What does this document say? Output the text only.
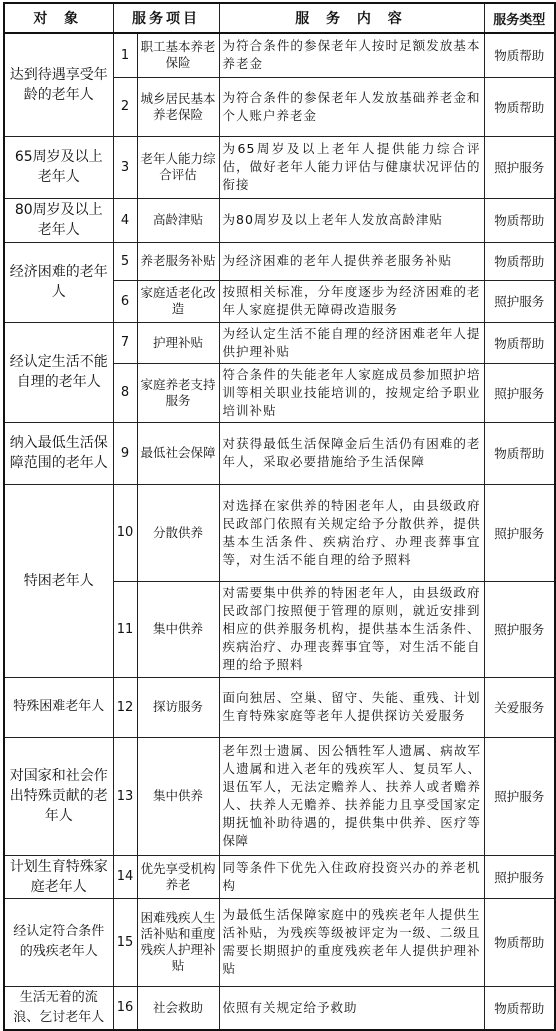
对 象	服务项目		服 务 内 容	服务类型
达到待遇享受年龄的老年人	1	职工基本养老保险	为符合条件的参保老年人按时足额发放基本养老金	物质帮助
	2	城乡居民基本养老保险	为符合条件的参保老年人发放基础养老金和个人账户养老金	物质帮助
65周岁及以上老年人	3	老年人能力综合评估	为65周岁及以上老年人提供能力综合评估，做好老年人能力评估与健康状况评估的衔接	照护服务
80周岁及以上老年人	4	高龄津贴	为80周岁及以上老年人发放高龄津贴	物质帮助
经济困难的老年人	5	养老服务补贴	为经济困难的老年人提供养老服务补贴	物质帮助
	6	家庭适老化改造	按照相关标准，分年度逐步为经济困难的老年人家庭提供无障碍改造服务	照护服务
经认定生活不能自理的老年人	7	护理补贴	为经认定生活不能自理的经济困难老年人提供护理补贴	物质帮助
	8	家庭养老支持服务	符合条件的失能老年人家庭成员参加照护培训等相关职业技能培训的，按规定给予职业培训补贴	照护服务
纳入最低生活保障范围的老年人	9	最低社会保障	对获得最低生活保障金后生活仍有困难的老年人，采取必要措施给予生活保障	物质帮助
特困老年人	10	分散供养	对选择在家供养的特困老年人，由县级政府民政部门依照有关规定给予分散供养，提供基本生活条件、疾病治疗、办理丧葬事宜等，对生活不能自理的给予照料	照护服务
	11	集中供养	对需要集中供养的特困老年人，由县级政府民政部门按照便于管理的原则，就近安排到相应的供养服务机构，提供基本生活条件、疾病治疗、办理丧葬事宜等，对生活不能自理的给予照料	照护服务
特殊困难老年人	12	探访服务	面向独居、空巢、留守、失能、重残、计划生育特殊家庭等老年人提供探访关爱服务	关爱服务
对国家和社会作出特殊贡献的老年人	13	集中供养	老年烈士遗属、因公牺牲军人遗属、病故军人遗属和进入老年的残疾军人、复员军人、退伍军人，无法定赡养人、扶养人或者赡养人、扶养人无赡养、扶养能力且享受国家定期抚恤补助待遇的，提供集中供养、医疗等保障	照护服务
计划生育特殊家庭老年人	14	优先享受机构养老	同等条件下优先入住政府投资兴办的养老机构	照护服务
经认定符合条件的残疾老年人	15	困难残疾人生活补贴和重度残疾人护理补贴	为最低生活保障家庭中的残疾老年人提供生活补贴，为残疾等级被评定为一级、二级且需要长期照护的重度残疾老年人提供护理补贴	物质帮助
生活无着的流浪、乞讨老年人	16	社会救助	依照有关规定给予救助	物质帮助
